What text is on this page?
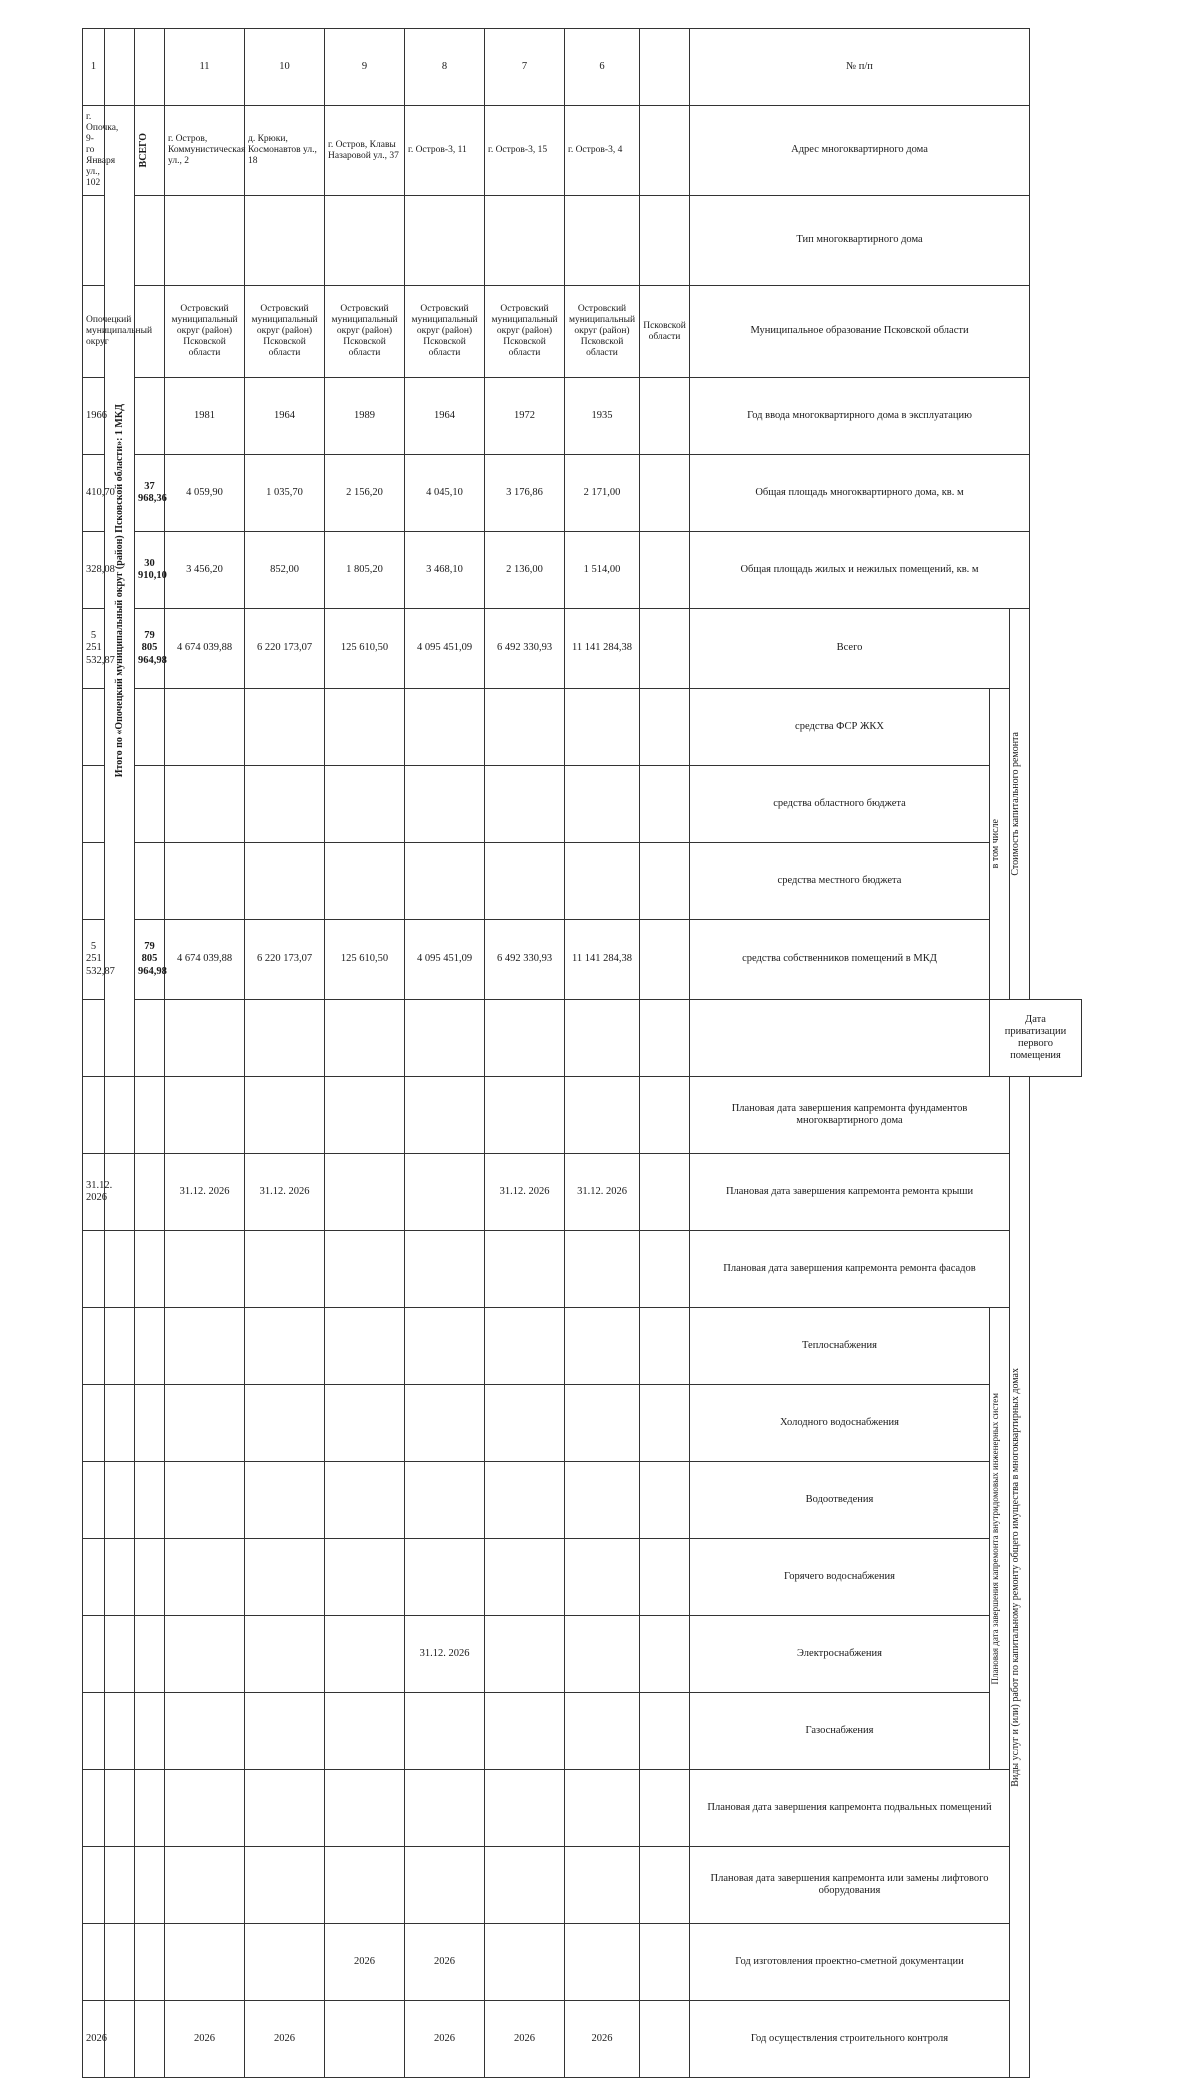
1			11	10	9	8	7	6		№ п/п		
г. Опочка, 9-го Января ул., 102	Итого по «Опочецкий муниципальный округ (район) Псковской области»: 1 МКД	ВСЕГО	г. Остров, Коммунистическая ул., 2	д. Крюки, Космонавтов ул., 18	г. Остров, Клавы Назаровой ул., 37	г. Остров-3, 11	г. Остров-3, 15	г. Остров-3, 4		Адрес многоквартирного дома		
										Тип многоквартирного дома		
Опочецкий муниципальный округ			Островский муниципальный округ (район) Псковской области	Островский муниципальный округ (район) Псковской области	Островский муниципальный округ (район) Псковской области	Островский муниципальный округ (район) Псковской области	Островский муниципальный округ (район) Псковской области	Островский муниципальный округ (район) Псковской области	Псковской области	Муниципальное образование Псковской области		
1966			1981	1964	1989	1964	1972	1935		Год ввода многоквартирного дома в эксплуатацию		
410,70		37 968,36	4 059,90	1 035,70	2 156,20	4 045,10	3 176,86	2 171,00		Общая площадь многоквартирного дома, кв. м		
328,08		30 910,10	3 456,20	852,00	1 805,20	3 468,10	2 136,00	1 514,00		Общая площадь жилых и нежилых помещений, кв. м		
5 251 532,87		79 805 964,98	4 674 039,88	6 220 173,07	125 610,50	4 095 451,09	6 492 330,93	11 141 284,38		Всего		Стоимость капитального ремонта

										средства ФСР ЖКХ	в том числе	

										средства областного бюджета		
										средства местного бюджета		
5 251 532,87		79 805 964,98	4 674 039,88	6 220 173,07	125 610,50	4 095 451,09	6 492 330,93	11 141 284,38		средства собственников помещений в МКД		
											Дата приватизации первого помещения	
										Плановая дата завершения капремонта фундаментов многоквартирного дома		Виды услуг и (или) работ по капитальному ремонту общего имущества в многоквартирных домах

31.12. 2026			31.12. 2026	31.12. 2026			31.12. 2026	31.12. 2026		Плановая дата завершения капремонта ремонта крыши		
										Плановая дата завершения капремонта ремонта фасадов		
										Теплоснабжения	Плановая дата завершения капремонта внутридомовых инженерных систем	

										Холодного водоснабжения		
										Водоотведения		
										Горячего водоснабжения		
						31.12. 2026				Электроснабжения		
										Газоснабжения		
										Плановая дата завершения капремонта подвальных помещений		
										Плановая дата завершения капремонта или замены лифтового оборудования		
					2026	2026				Год изготовления проектно-сметной документации		
2026			2026	2026		2026	2026	2026		Год осуществления строительного контроля		
